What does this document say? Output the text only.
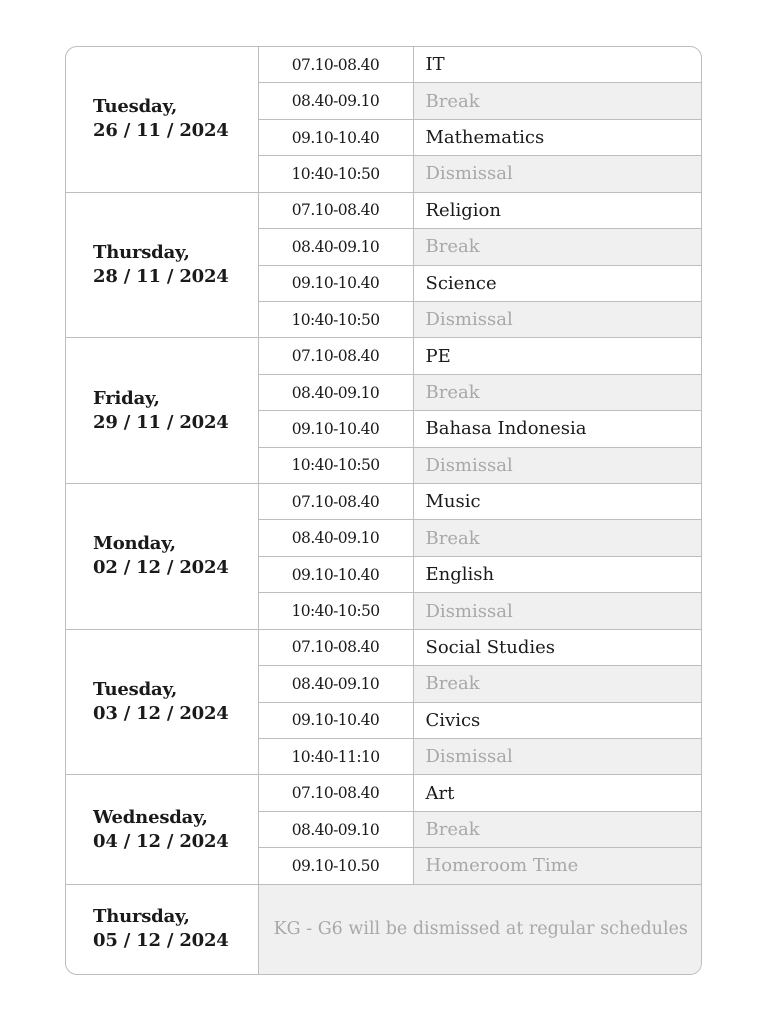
Tuesday,
26 / 11 / 2024	07.10-08.40	IT
	08.40-09.10	Break
	09.10-10.40	Mathematics
	10:40-10:50	Dismissal

Thursday,
28 / 11 / 2024	07.10-08.40	Religion
	08.40-09.10	Break
	09.10-10.40	Science
	10:40-10:50	Dismissal

Friday,
29 / 11 / 2024	07.10-08.40	PE
	08.40-09.10	Break
	09.10-10.40	Bahasa Indonesia
	10:40-10:50	Dismissal

Monday,
02 / 12 / 2024	07.10-08.40	Music
	08.40-09.10	Break
	09.10-10.40	English
	10:40-10:50	Dismissal

Tuesday,
03 / 12 / 2024	07.10-08.40	Social Studies
	08.40-09.10	Break
	09.10-10.40	Civics
	10:40-11:10	Dismissal

Wednesday,
04 / 12 / 2024	07.10-08.40	Art
	08.40-09.10	Break
	09.10-10.50	Homeroom Time

Thursday,
05 / 12 / 2024	KG - G6 will be dismissed at regular schedules	
